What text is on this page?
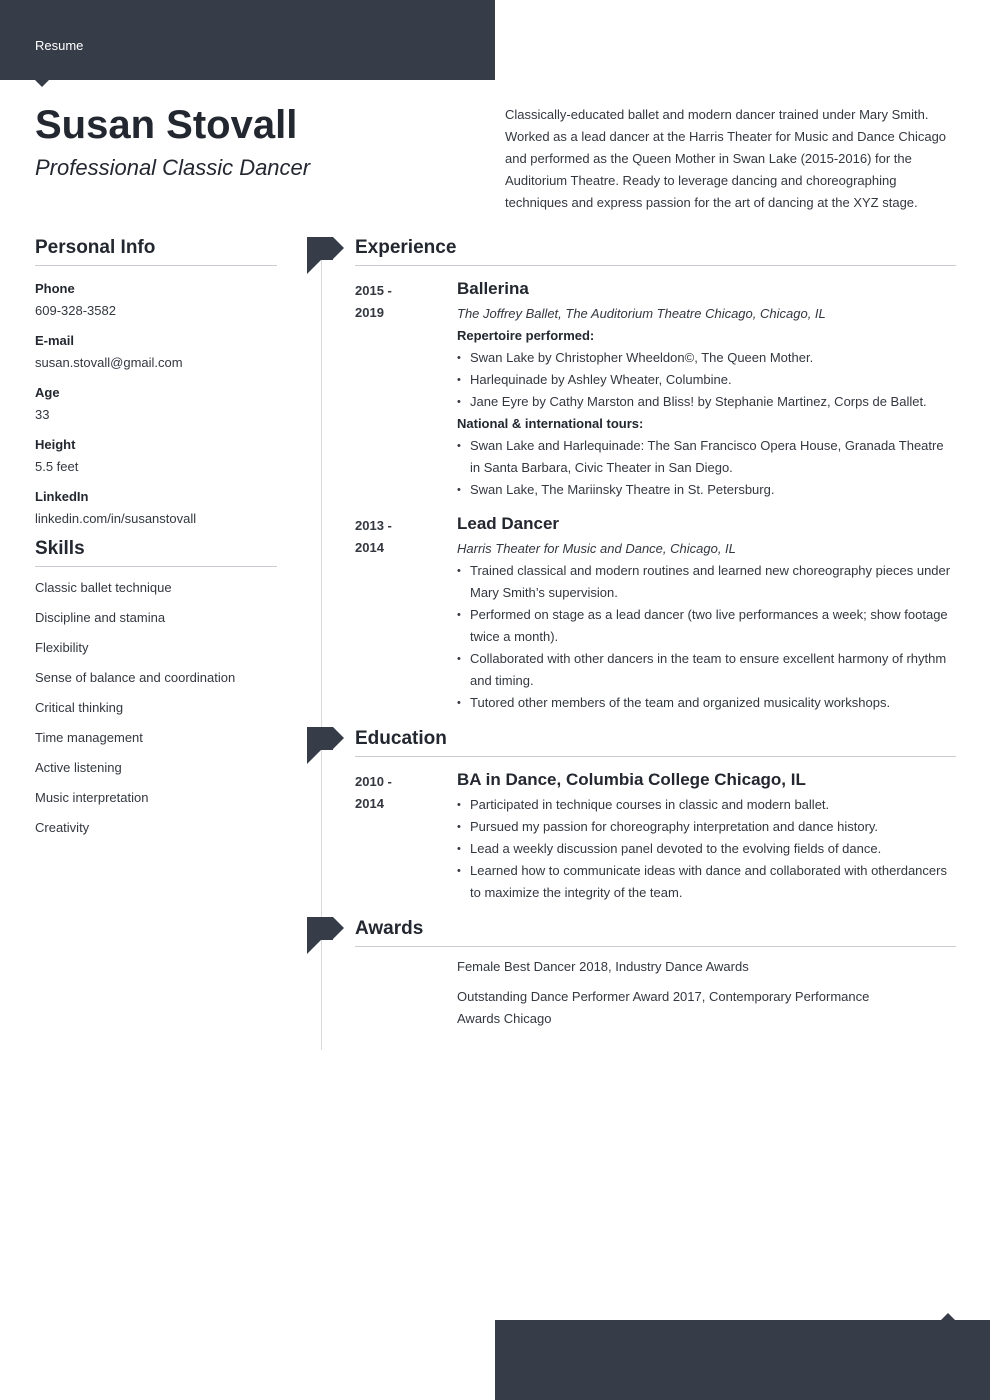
Resume
Susan Stovall
Professional Classic Dancer

Classically-educated ballet and modern dancer trained under Mary Smith. Worked as a lead dancer at the Harris Theater for Music and Dance Chicago and performed as the Queen Mother in Swan Lake (2015-2016) for the Auditorium Theatre. Ready to leverage dancing and choreographing techniques and express passion for the art of dancing at the XYZ stage.

Personal Info
Phone
609-328-3582
E-mail
susan.stovall@gmail.com
Age
33
Height
5.5 feet
LinkedIn
linkedin.com/in/susanstovall
Skills
Classic ballet technique
Discipline and stamina
Flexibility
Sense of balance and coordination
Critical thinking
Time management
Active listening
Music interpretation
Creativity
Experience
2015 -
2019
Ballerina
The Joffrey Ballet, The Auditorium Theatre Chicago, Chicago, IL
Repertoire performed:
• Swan Lake by Christopher Wheeldon©, The Queen Mother.
• Harlequinade by Ashley Wheater, Columbine.
• Jane Eyre by Cathy Marston and Bliss! by Stephanie Martinez, Corps de Ballet.
National & international tours:
• Swan Lake and Harlequinade: The San Francisco Opera House, Granada Theatre in Santa Barbara, Civic Theater in San Diego.
• Swan Lake, The Mariinsky Theatre in St. Petersburg.
2013 -
2014
Lead Dancer
Harris Theater for Music and Dance, Chicago, IL
• Trained classical and modern routines and learned new choreography pieces under Mary Smith’s supervision.
• Performed on stage as a lead dancer (two live performances a week; show footage twice a month).
• Collaborated with other dancers in the team to ensure excellent harmony of rhythm and timing.
• Tutored other members of the team and organized musicality workshops.
Education
2010 -
2014
BA in Dance, Columbia College Chicago, IL
• Participated in technique courses in classic and modern ballet.
• Pursued my passion for choreography interpretation and dance history.
• Lead a weekly discussion panel devoted to the evolving fields of dance.
• Learned how to communicate ideas with dance and collaborated with otherdancers to maximize the integrity of the team.
Awards
Female Best Dancer 2018, Industry Dance Awards
Outstanding Dance Performer Award 2017, Contemporary Performance Awards Chicago
